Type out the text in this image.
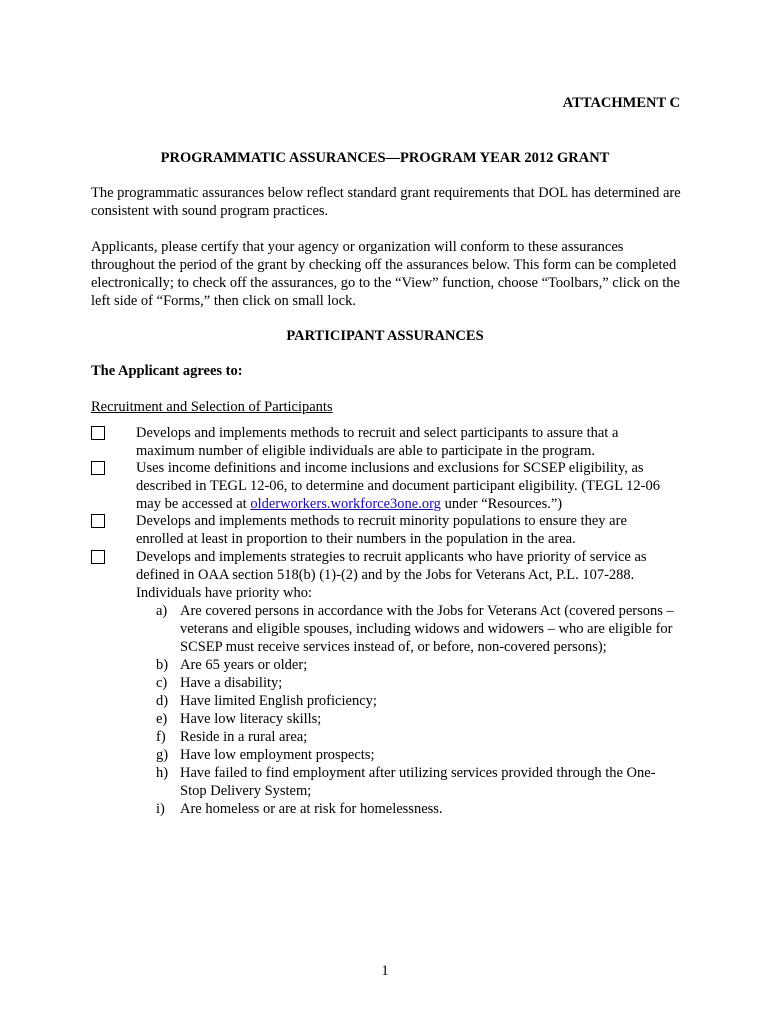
ATTACHMENT C
PROGRAMMATIC ASSURANCES—PROGRAM YEAR 2012 GRANT
The programmatic assurances below reflect standard grant requirements that DOL has determined are consistent with sound program practices.
Applicants, please certify that your agency or organization will conform to these assurances throughout the period of the grant by checking off the assurances below. This form can be completed electronically; to check off the assurances, go to the “View” function, choose “Toolbars,” click on the left side of “Forms,” then click on small lock.
PARTICIPANT ASSURANCES
The Applicant agrees to:
Recruitment and Selection of Participants
Develops and implements methods to recruit and select participants to assure that a maximum number of eligible individuals are able to participate in the program.
Uses income definitions and income inclusions and exclusions for SCSEP eligibility, as described in TEGL 12-06, to determine and document participant eligibility. (TEGL 12-06 may be accessed at olderworkers.workforce3one.org under “Resources.”)
Develops and implements methods to recruit minority populations to ensure they are enrolled at least in proportion to their numbers in the population in the area.
Develops and implements strategies to recruit applicants who have priority of service as defined in OAA section 518(b) (1)-(2) and by the Jobs for Veterans Act, P.L. 107-288. Individuals have priority who:
a) Are covered persons in accordance with the Jobs for Veterans Act (covered persons – veterans and eligible spouses, including widows and widowers – who are eligible for SCSEP must receive services instead of, or before, non-covered persons);
b) Are 65 years or older;
c) Have a disability;
d) Have limited English proficiency;
e) Have low literacy skills;
f) Reside in a rural area;
g) Have low employment prospects;
h) Have failed to find employment after utilizing services provided through the One-Stop Delivery System;
i) Are homeless or are at risk for homelessness.
1
